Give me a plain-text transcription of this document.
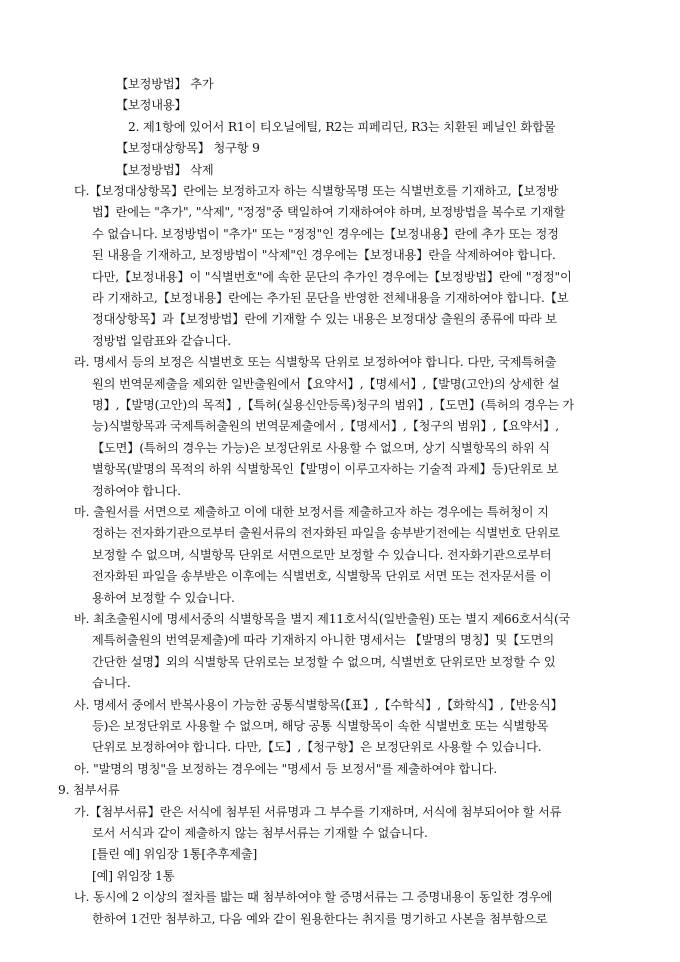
【보정방법】 추가
【보정내용】
2. 제1항에 있어서 R1이 티오닐에틸, R2는 피페리딘, R3는 치환된 페닐인 화합물
【보정대상항목】 청구항 9
【보정방법】 삭제
다.【보정대상항목】란에는 보정하고자 하는 식별항목명 또는 식별번호를 기재하고,【보정방
법】란에는 "추가", "삭제", "정정"중 택일하여 기재하여야 하며, 보정방법을 복수로 기재할
수 없습니다. 보정방법이 "추가" 또는 "정정"인 경우에는【보정내용】란에 추가 또는 정정
된 내용을 기재하고, 보정방법이 "삭제"인 경우에는【보정내용】란을 삭제하여야 합니다.
다만,【보정내용】이 "식별번호"에 속한 문단의 추가인 경우에는【보정방법】란에 "정정"이
라 기재하고,【보정내용】란에는 추가된 문단을 반영한 전체내용을 기재하여야 합니다.【보
정대상항목】과【보정방법】란에 기재할 수 있는 내용은 보정대상 출원의 종류에 따라 보
정방법 일람표와 같습니다.
라. 명세서 등의 보정은 식별번호 또는 식별항목 단위로 보정하여야 합니다. 다만, 국제특허출
원의 번역문제출을 제외한 일반출원에서【요약서】,【명세서】,【발명(고안)의 상세한 설
명】,【발명(고안)의 목적】,【특허(실용신안등록)청구의 범위】,【도면】(특허의 경우는 가
능)식별항목과 국제특허출원의 번역문제출에서 ,【명세서】,【청구의 범위】,【요약서】,
【도면】(특허의 경우는 가능)은 보정단위로 사용할 수 없으며, 상기 식별항목의 하위 식
별항목(발명의 목적의 하위 식별항목인【발명이 이루고자하는 기술적 과제】등)단위로 보
정하여야 합니다.
마. 출원서를 서면으로 제출하고 이에 대한 보정서를 제출하고자 하는 경우에는 특허청이 지
정하는 전자화기관으로부터 출원서류의 전자화된 파일을 송부받기전에는 식별번호 단위로
보정할 수 없으며, 식별항목 단위로 서면으로만 보정할 수 있습니다. 전자화기관으로부터
전자화된 파일을 송부받은 이후에는 식별번호, 식별항목 단위로 서면 또는 전자문서를 이
용하여 보정할 수 있습니다.
바. 최초출원시에 명세서중의 식별항목을 별지 제11호서식(일반출원) 또는 별지 제66호서식(국
제특허출원의 번역문제출)에 따라 기재하지 아니한 명세서는 【발명의 명칭】및【도면의
간단한 설명】외의 식별항목 단위로는 보정할 수 없으며, 식별번호 단위로만 보정할 수 있
습니다.
사. 명세서 중에서 반복사용이 가능한 공통식별항목(【표】,【수학식】,【화학식】,【반응식】
등)은 보정단위로 사용할 수 없으며, 해당 공통 식별항목이 속한 식별번호 또는 식별항목
단위로 보정하여야 합니다. 다만,【도】,【청구항】은 보정단위로 사용할 수 있습니다.
아. "발명의 명칭"을 보정하는 경우에는 "명세서 등 보정서"를 제출하여야 합니다.
9. 첨부서류
가.【첨부서류】란은 서식에 첨부된 서류명과 그 부수를 기재하며, 서식에 첨부되어야 할 서류
로서 서식과 같이 제출하지 않는 첨부서류는 기재할 수 없습니다.
[틀린 예] 위임장 1통[추후제출]
[예] 위임장 1통
나. 동시에 2 이상의 절차를 밟는 때 첨부하여야 할 증명서류는 그 증명내용이 동일한 경우에
한하여 1건만 첨부하고, 다음 예와 같이 원용한다는 취지를 명기하고 사본을 첨부함으로
